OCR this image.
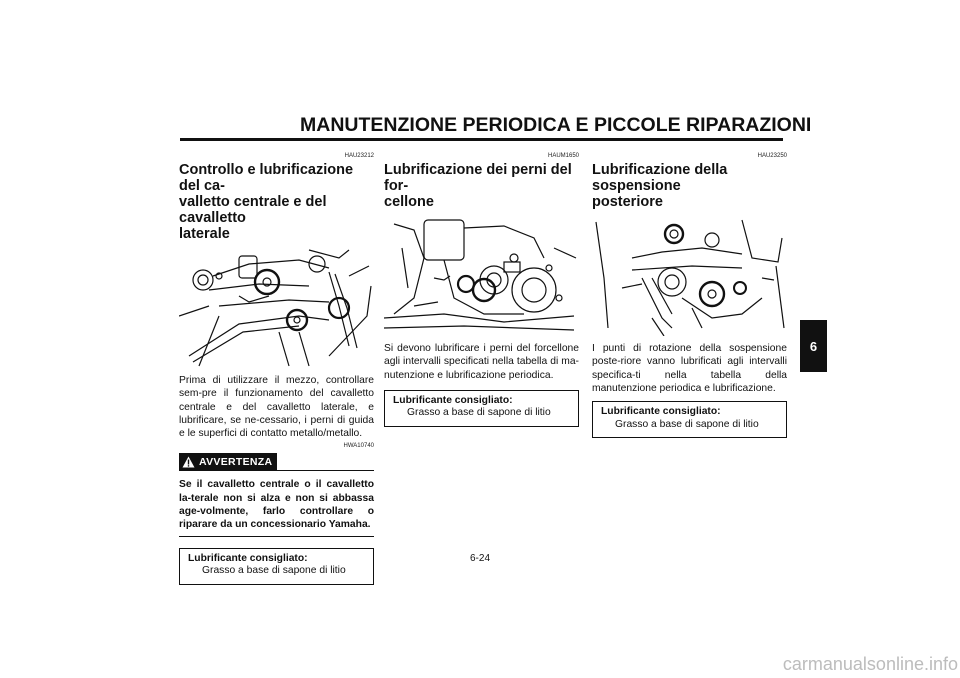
MANUTENZIONE PERIODICA E PICCOLE RIPARAZIONI
HAU23212
Controllo e lubrificazione del ca-
valletto centrale e del cavalletto
laterale
Prima di utilizzare il mezzo, controllare sem-pre il funzionamento del cavalletto centrale e del cavalletto laterale, e lubrificare, se ne-cessario, i perni di guida e le superfici di contatto metallo/metallo.
HWA10740
AVVERTENZA
Se il cavalletto centrale o il cavalletto la-terale non si alza e non si abbassa age-volmente, farlo controllare o riparare da un concessionario Yamaha.
Lubrificante consigliato:
Grasso a base di sapone di litio
HAUM1650
Lubrificazione dei perni del for-
cellone
Si devono lubrificare i perni del forcellone agli intervalli specificati nella tabella di ma-nutenzione e lubrificazione periodica.
Lubrificante consigliato:
Grasso a base di sapone di litio
HAU23250
Lubrificazione della sospensione
posteriore
I punti di rotazione della sospensione poste-riore vanno lubrificati agli intervalli specifica-ti nella tabella della manutenzione periodica e lubrificazione.
Lubrificante consigliato:
Grasso a base di sapone di litio
6-24
6
carmanualsonline.info
